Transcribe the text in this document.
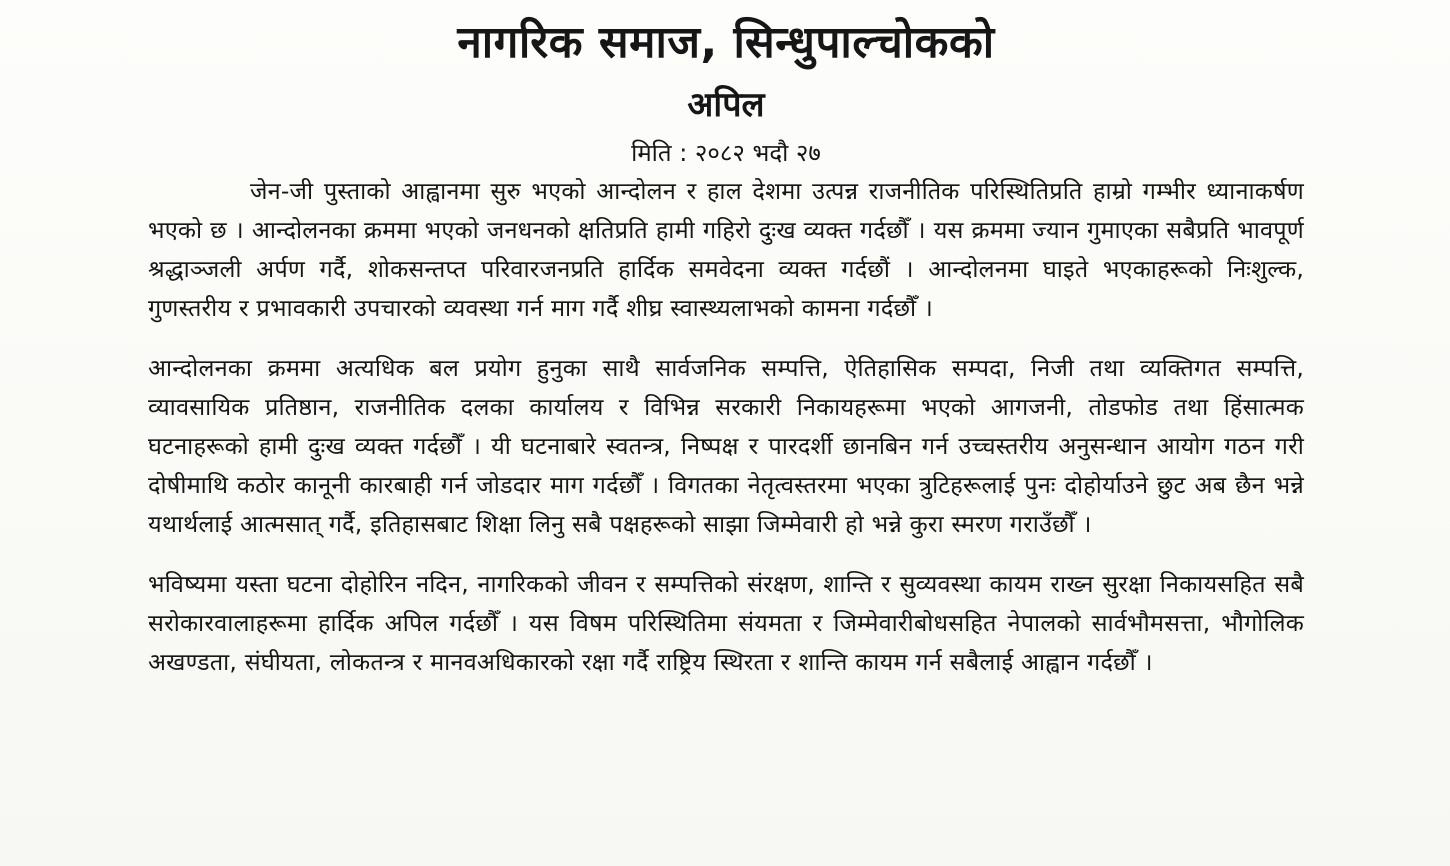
नागरिक समाज, सिन्धुपाल्चोकको
अपिल
मिति : २०८२ भदौ २७

जेन-जी पुस्ताको आह्वानमा सुरु भएको आन्दोलन र हाल देशमा उत्पन्न राजनीतिक परिस्थितिप्रति हाम्रो गम्भीर ध्यानाकर्षण भएको छ । आन्दोलनका क्रममा भएको जनधनको क्षतिप्रति हामी गहिरो दुःख व्यक्त गर्दछौँ । यस क्रममा ज्यान गुमाएका सबैप्रति भावपूर्ण श्रद्धाञ्जली अर्पण गर्दै, शोकसन्तप्त परिवारजनप्रति हार्दिक समवेदना व्यक्त गर्दछौं । आन्दोलनमा घाइते भएकाहरूको निःशुल्क, गुणस्तरीय र प्रभावकारी उपचारको व्यवस्था गर्न माग गर्दै शीघ्र स्वास्थ्यलाभको कामना गर्दछौँ ।

आन्दोलनका क्रममा अत्यधिक बल प्रयोग हुनुका साथै सार्वजनिक सम्पत्ति, ऐतिहासिक सम्पदा, निजी तथा व्यक्तिगत सम्पत्ति, व्यावसायिक प्रतिष्ठान, राजनीतिक दलका कार्यालय र विभिन्न सरकारी निकायहरूमा भएको आगजनी, तोडफोड तथा हिंसात्मक घटनाहरूको हामी दुःख व्यक्त गर्दछौँ । यी घटनाबारे स्वतन्त्र, निष्पक्ष र पारदर्शी छानबिन गर्न उच्चस्तरीय अनुसन्धान आयोग गठन गरी दोषीमाथि कठोर कानूनी कारबाही गर्न जोडदार माग गर्दछौँ । विगतका नेतृत्वस्तरमा भएका त्रुटिहरूलाई पुनः दोहोर्याउने छुट अब छैन भन्ने यथार्थलाई आत्मसात् गर्दै, इतिहासबाट शिक्षा लिनु सबै पक्षहरूको साझा जिम्मेवारी हो भन्ने कुरा स्मरण गराउँछौँ ।

भविष्यमा यस्ता घटना दोहोरिन नदिन, नागरिकको जीवन र सम्पत्तिको संरक्षण, शान्ति र सुव्यवस्था कायम राख्न सुरक्षा निकायसहित सबै सरोकारवालाहरूमा हार्दिक अपिल गर्दछौँ । यस विषम परिस्थितिमा संयमता र जिम्मेवारीबोधसहित नेपालको सार्वभौमसत्ता, भौगोलिक अखण्डता, संघीयता, लोकतन्त्र र मानवअधिकारको रक्षा गर्दै राष्ट्रिय स्थिरता र शान्ति कायम गर्न सबैलाई आह्वान गर्दछौँ ।
